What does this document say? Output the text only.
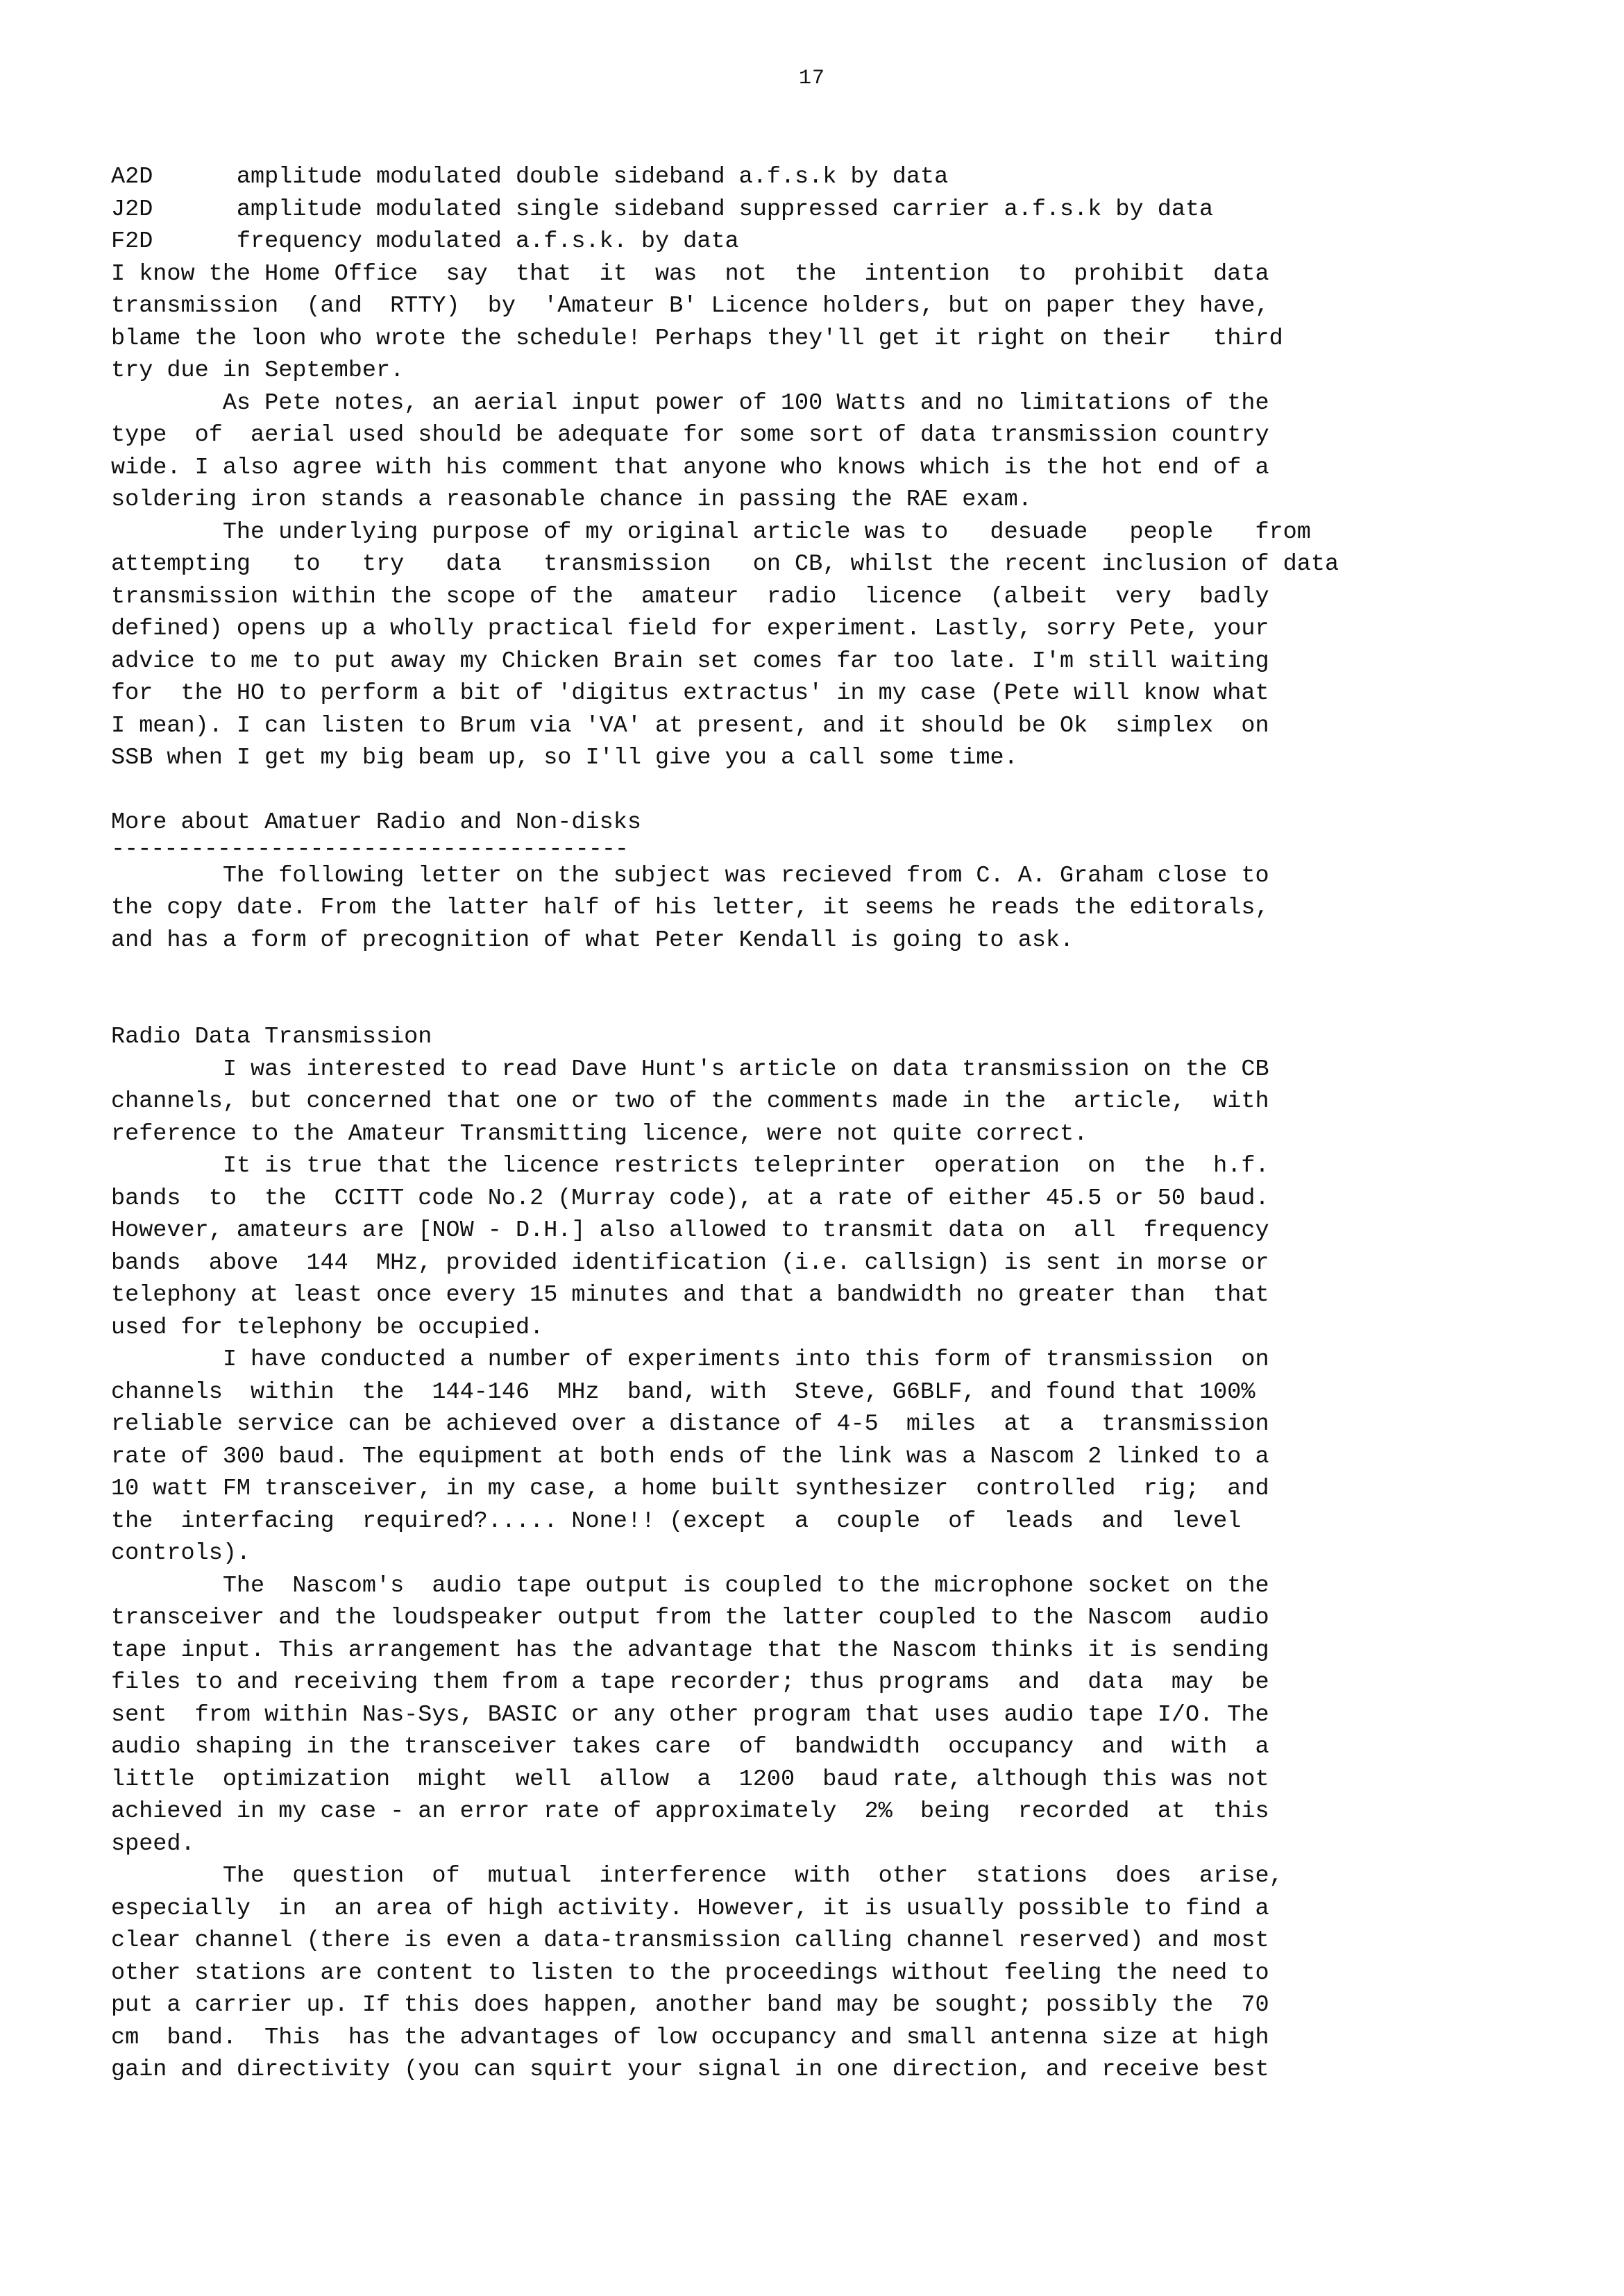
17
A2D      amplitude modulated double sideband a.f.s.k by data
J2D      amplitude modulated single sideband suppressed carrier a.f.s.k by data
F2D      frequency modulated a.f.s.k. by data
I know the Home Office  say  that  it  was  not  the  intention  to  prohibit  data
transmission  (and  RTTY)  by  'Amateur B' Licence holders, but on paper they have,
blame the loon who wrote the schedule! Perhaps they'll get it right on their   third
try due in September.
As Pete notes, an aerial input power of 100 Watts and no limitations of the
type  of  aerial used should be adequate for some sort of data transmission country
wide. I also agree with his comment that anyone who knows which is the hot end of a
soldering iron stands a reasonable chance in passing the RAE exam.
The underlying purpose of my original article was to   desuade   people   from
attempting   to   try   data   transmission   on CB, whilst the recent inclusion of data
transmission within the scope of the  amateur  radio  licence  (albeit  very  badly
defined) opens up a wholly practical field for experiment. Lastly, sorry Pete, your
advice to me to put away my Chicken Brain set comes far too late. I'm still waiting
for  the HO to perform a bit of 'digitus extractus' in my case (Pete will know what
I mean). I can listen to Brum via 'VA' at present, and it should be Ok  simplex  on
SSB when I get my big beam up, so I'll give you a call some time.
More about Amatuer Radio and Non-disks
---------------------------------------
The following letter on the subject was recieved from C. A. Graham close to
the copy date. From the latter half of his letter, it seems he reads the editorals,
and has a form of precognition of what Peter Kendall is going to ask.
Radio Data Transmission
I was interested to read Dave Hunt's article on data transmission on the CB
channels, but concerned that one or two of the comments made in the  article,  with
reference to the Amateur Transmitting licence, were not quite correct.
It is true that the licence restricts teleprinter  operation  on  the  h.f.
bands  to  the  CCITT code No.2 (Murray code), at a rate of either 45.5 or 50 baud.
However, amateurs are [NOW - D.H.] also allowed to transmit data on  all  frequency
bands  above  144  MHz, provided identification (i.e. callsign) is sent in morse or
telephony at least once every 15 minutes and that a bandwidth no greater than  that
used for telephony be occupied.
I have conducted a number of experiments into this form of transmission  on
channels  within  the  144-146  MHz  band, with  Steve, G6BLF, and found that 100%
reliable service can be achieved over a distance of 4-5  miles  at  a  transmission
rate of 300 baud. The equipment at both ends of the link was a Nascom 2 linked to a
10 watt FM transceiver, in my case, a home built synthesizer  controlled  rig;  and
the  interfacing  required?..... None!! (except  a  couple  of  leads  and  level
controls).
The  Nascom's  audio tape output is coupled to the microphone socket on the
transceiver and the loudspeaker output from the latter coupled to the Nascom  audio
tape input. This arrangement has the advantage that the Nascom thinks it is sending
files to and receiving them from a tape recorder; thus programs  and  data  may  be
sent  from within Nas-Sys, BASIC or any other program that uses audio tape I/O. The
audio shaping in the transceiver takes care  of  bandwidth  occupancy  and  with  a
little  optimization  might  well  allow  a  1200  baud rate, although this was not
achieved in my case - an error rate of approximately  2%  being  recorded  at  this
speed.
The  question  of  mutual  interference  with  other  stations  does  arise,
especially  in  an area of high activity. However, it is usually possible to find a
clear channel (there is even a data-transmission calling channel reserved) and most
other stations are content to listen to the proceedings without feeling the need to
put a carrier up. If this does happen, another band may be sought; possibly the  70
cm  band.  This  has the advantages of low occupancy and small antenna size at high
gain and directivity (you can squirt your signal in one direction, and receive best
